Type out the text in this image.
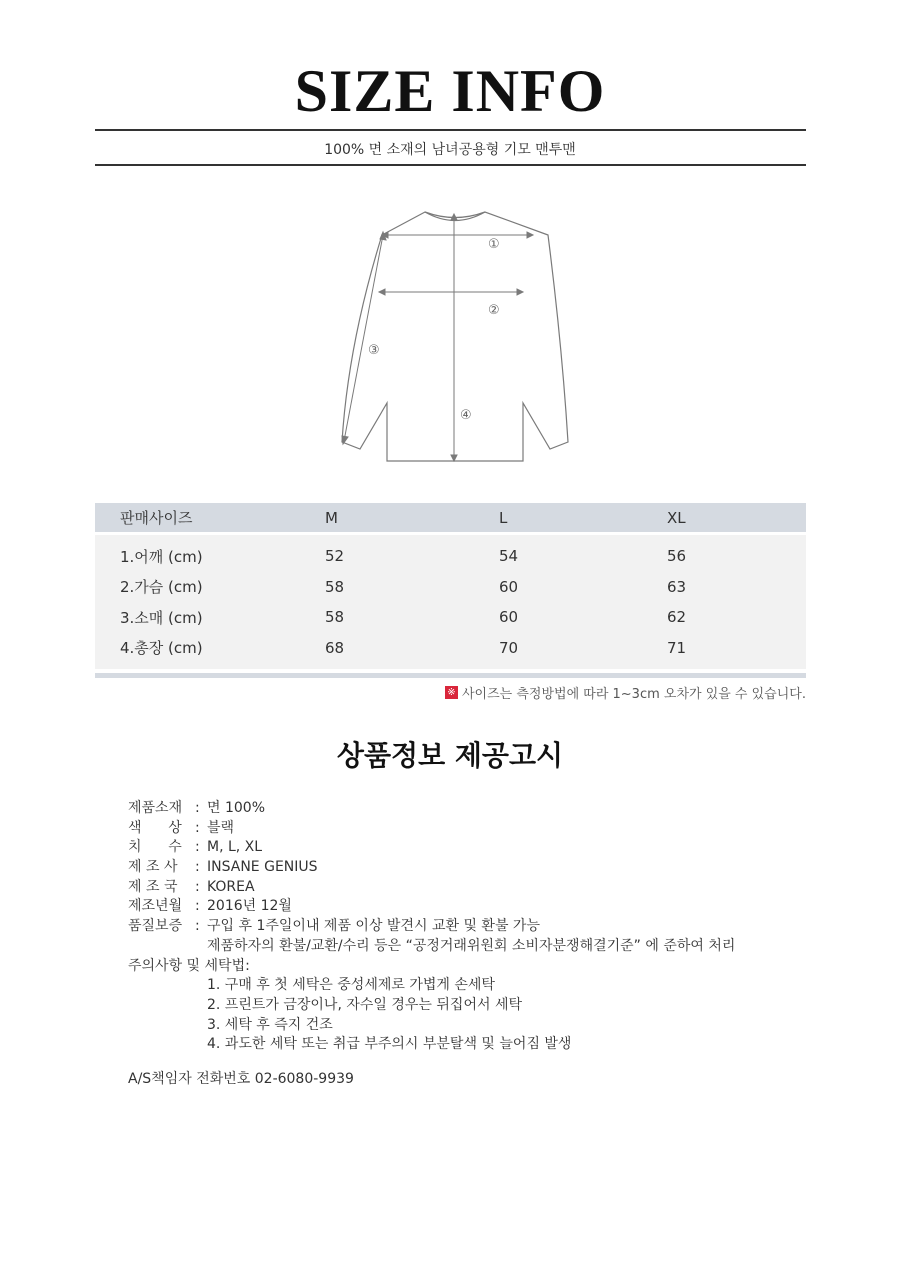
SIZE INFO
100% 면 소재의 남녀공용형 기모 맨투맨
①
②
③
④
판매사이즈	M	L	XL
1.어깨 (cm)	52	54	56
2.가슴 (cm)	58	60	63
3.소매 (cm)	58	60	62
4.총장 (cm)	68	70	71
※ 사이즈는 측정방법에 따라 1~3cm 오차가 있을 수 있습니다.
상품정보 제공고시
제품소재 : 면 100%
색      상 : 블랙
치      수 : M, L, XL
제 조 사 : INSANE GENIUS
제 조 국 : KOREA
제조년월 : 2016년 12월
품질보증 : 구입 후 1주일이내 제품 이상 발견시 교환 및 환불 가능
제품하자의 환불/교환/수리 등은 “공정거래위원회 소비자분쟁해결기준” 에 준하여 처리
주의사항 및 세탁법:
1. 구매 후 첫 세탁은 중성세제로 가볍게 손세탁
2. 프린트가 금장이나, 자수일 경우는 뒤집어서 세탁
3. 세탁 후 즉지 건조
4. 과도한 세탁 또는 취급 부주의시 부분탈색 및 늘어짐 발생
A/S책임자 전화번호 02-6080-9939
